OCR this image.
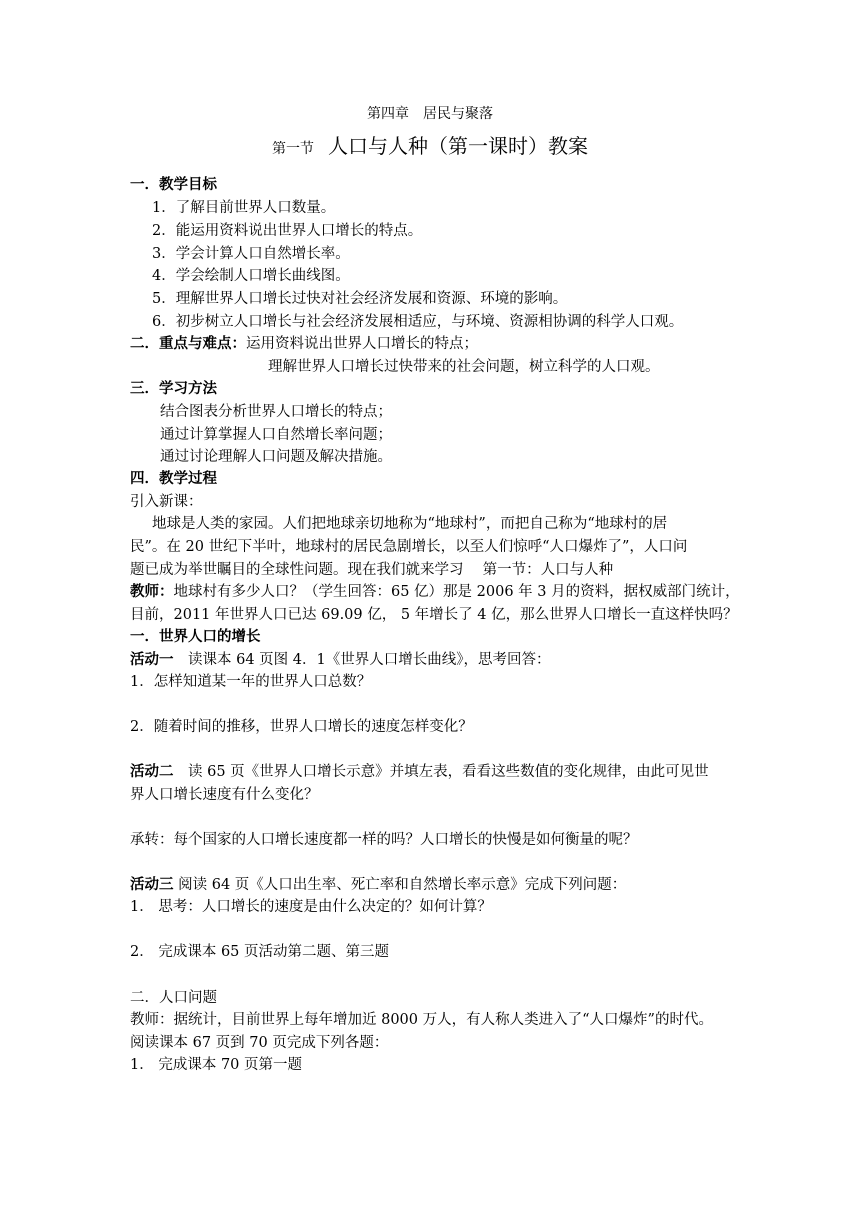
第四章　居民与聚落
第一节 人口与人种（第一课时）教案
一．教学目标
1．了解目前世界人口数量。
2．能运用资料说出世界人口增长的特点。
3．学会计算人口自然增长率。
4．学会绘制人口增长曲线图。
5．理解世界人口增长过快对社会经济发展和资源、环境的影响。
6．初步树立人口增长与社会经济发展相适应，与环境、资源相协调的科学人口观。
二．重点与难点：运用资料说出世界人口增长的特点；
理解世界人口增长过快带来的社会问题，树立科学的人口观。
三．学习方法
结合图表分析世界人口增长的特点；
通过计算掌握人口自然增长率问题；
通过讨论理解人口问题及解决措施。
四．教学过程
引入新课：
地球是人类的家园。人们把地球亲切地称为“地球村”，而把自己称为“地球村的居
民”。在 20 世纪下半叶，地球村的居民急剧增长，以至人们惊呼“人口爆炸了”，人口问
题已成为举世瞩目的全球性问题。现在我们就来学习　 第一节：人口与人种
教师：地球村有多少人口？（学生回答：65 亿）那是 2006 年 3 月的资料，据权威部门统计，
目前，2011 年世界人口已达 69.09 亿， 5 年增长了 4 亿，那么世界人口增长一直这样快吗？
一．世界人口的增长
活动一　读课本 64 页图 4．1《世界人口增长曲线》，思考回答：
1．怎样知道某一年的世界人口总数？
2．随着时间的推移，世界人口增长的速度怎样变化？
活动二　读 65 页《世界人口增长示意》并填左表，看看这些数值的变化规律，由此可见世
界人口增长速度有什么变化？
承转：每个国家的人口增长速度都一样的吗？人口增长的快慢是如何衡量的呢？
活动三 阅读 64 页《人口出生率、死亡率和自然增长率示意》完成下列问题：
1． 思考：人口增长的速度是由什么决定的？如何计算？
2． 完成课本 65 页活动第二题、第三题
二．人口问题
教师：据统计，目前世界上每年增加近 8000 万人，有人称人类进入了“人口爆炸”的时代。
阅读课本 67 页到 70 页完成下列各题：
1． 完成课本 70 页第一题
